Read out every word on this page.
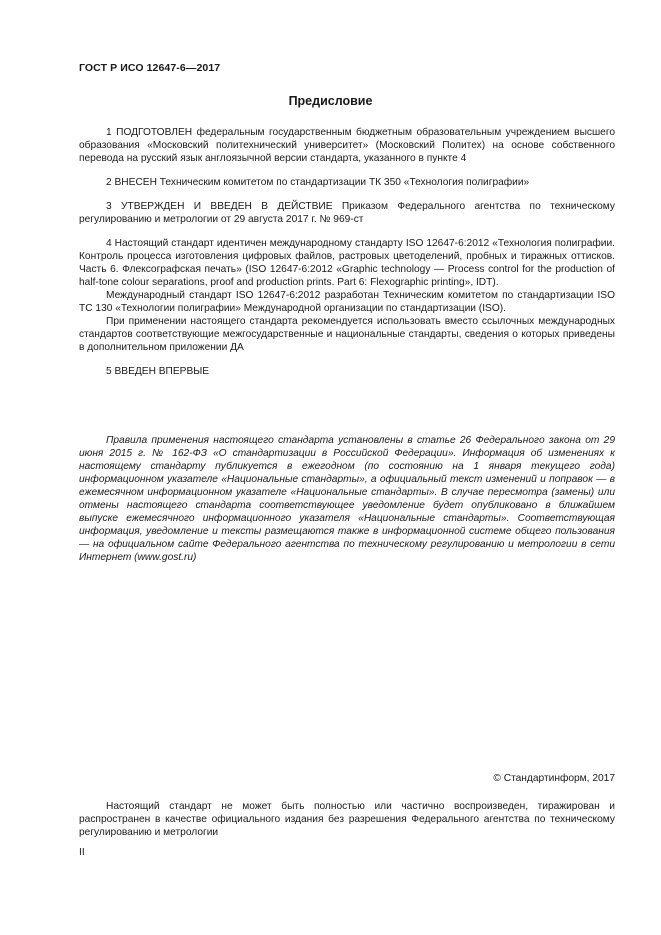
ГОСТ Р ИСО 12647-6—2017
Предисловие

1 ПОДГОТОВЛЕН федеральным государственным бюджетным образовательным учреждением высшего образования «Московский политехнический университет» (Московский Политех) на основе собственного перевода на русский язык англоязычной версии стандарта, указанного в пункте 4

2 ВНЕСЕН Техническим комитетом по стандартизации ТК 350 «Технология полиграфии»

3 УТВЕРЖДЕН И ВВЕДЕН В ДЕЙСТВИЕ Приказом Федерального агентства по техническому регулированию и метрологии от 29 августа 2017 г. № 969-ст

4 Настоящий стандарт идентичен международному стандарту ISO 12647-6:2012 «Технология полиграфии. Контроль процесса изготовления цифровых файлов, растровых цветоделений, пробных и тиражных оттисков. Часть 6. Флексографская печать» (ISO 12647-6:2012 «Graphic technology — Process control for the production of half-tone colour separations, proof and production prints. Part 6: Flexographic printing», IDT).

Международный стандарт ISO 12647-6:2012 разработан Техническим комитетом по стандартизации ISO TC 130 «Технологии полиграфии» Международной организации по стандартизации (ISO).

При применении настоящего стандарта рекомендуется использовать вместо ссылочных международных стандартов соответствующие межгосударственные и национальные стандарты, сведения о которых приведены в дополнительном приложении ДА

5 ВВЕДЕН ВПЕРВЫЕ

Правила применения настоящего стандарта установлены в статье 26 Федерального закона от 29 июня 2015 г. № 162-ФЗ «О стандартизации в Российской Федерации». Информация об изменениях к настоящему стандарту публикуется в ежегодном (по состоянию на 1 января текущего года) информационном указателе «Национальные стандарты», а официальный текст изменений и поправок — в ежемесячном информационном указателе «Национальные стандарты». В случае пересмотра (замены) или отмены настоящего стандарта соответствующее уведомление будет опубликовано в ближайшем выпуске ежемесячного информационного указателя «Национальные стандарты». Соответствующая информация, уведомление и тексты размещаются также в информационной системе общего пользования — на официальном сайте Федерального агентства по техническому регулированию и метрологии в сети Интернет (www.gost.ru)

© Стандартинформ, 2017

Настоящий стандарт не может быть полностью или частично воспроизведен, тиражирован и распространен в качестве официального издания без разрешения Федерального агентства по техническому регулированию и метрологии

II
